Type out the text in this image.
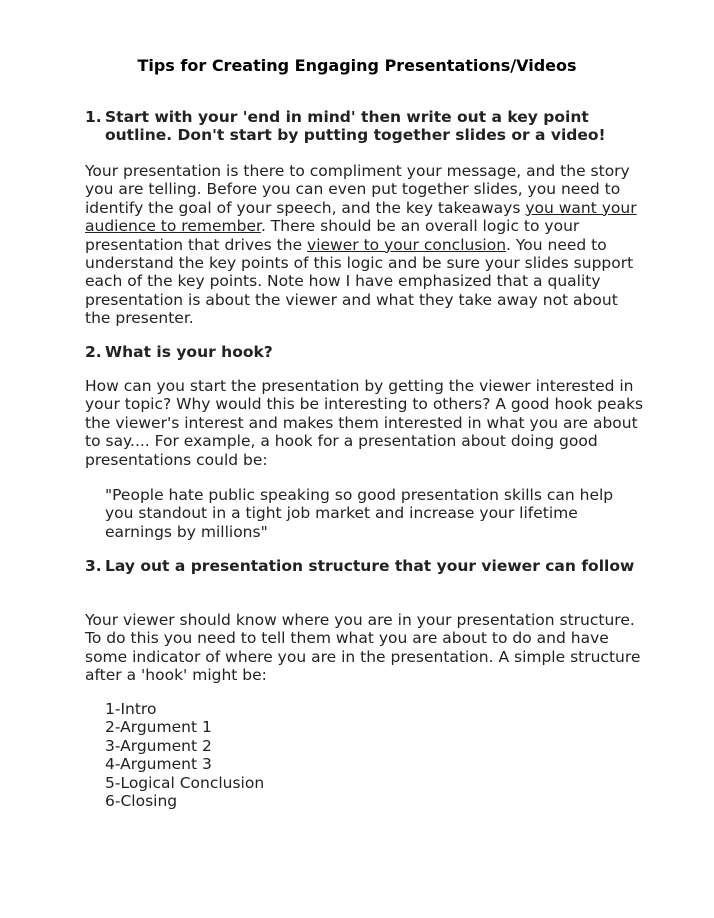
Tips for Creating Engaging Presentations/Videos
1. Start with your 'end in mind' then write out a key point outline. Don't start by putting together slides or a video!

Your presentation is there to compliment your message, and the story you are telling. Before you can even put together slides, you need to identify the goal of your speech, and the key takeaways you want your audience to remember. There should be an overall logic to your presentation that drives the viewer to your conclusion. You need to understand the key points of this logic and be sure your slides support each of the key points. Note how I have emphasized that a quality presentation is about the viewer and what they take away not about the presenter.

2. What is your hook?

How can you start the presentation by getting the viewer interested in your topic? Why would this be interesting to others? A good hook peaks the viewer's interest and makes them interested in what you are about to say.... For example, a hook for a presentation about doing good presentations could be:

"People hate public speaking so good presentation skills can help you standout in a tight job market and increase your lifetime earnings by millions"

3. Lay out a presentation structure that your viewer can follow

Your viewer should know where you are in your presentation structure. To do this you need to tell them what you are about to do and have some indicator of where you are in the presentation. A simple structure after a 'hook' might be:

1-Intro
2-Argument 1
3-Argument 2
4-Argument 3
5-Logical Conclusion
6-Closing
